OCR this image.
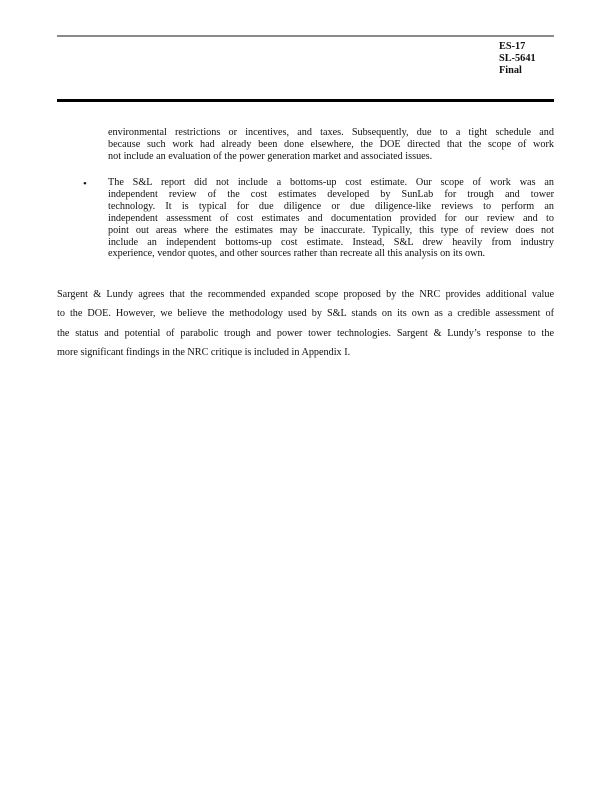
ES-17
SL-5641
Final
environmental restrictions or incentives, and taxes. Subsequently, due to a tight schedule and
because such work had already been done elsewhere, the DOE directed that the scope of work
not include an evaluation of the power generation market and associated issues.
• The S&L report did not include a bottoms-up cost estimate. Our scope of work was an
independent review of the cost estimates developed by SunLab for trough and tower
technology. It is typical for due diligence or due diligence-like reviews to perform an
independent assessment of cost estimates and documentation provided for our review and to
point out areas where the estimates may be inaccurate. Typically, this type of review does not
include an independent bottoms-up cost estimate. Instead, S&L drew heavily from industry
experience, vendor quotes, and other sources rather than recreate all this analysis on its own.
Sargent & Lundy agrees that the recommended expanded scope proposed by the NRC provides additional value
to the DOE. However, we believe the methodology used by S&L stands on its own as a credible assessment of
the status and potential of parabolic trough and power tower technologies. Sargent & Lundy’s response to the
more significant findings in the NRC critique is included in Appendix I.
